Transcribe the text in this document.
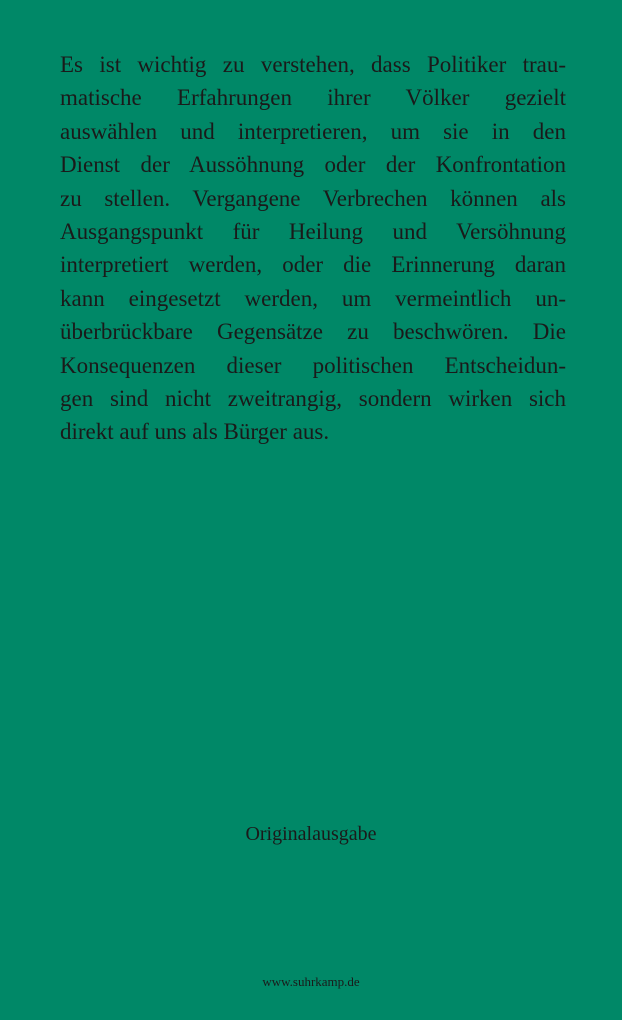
Es ist wichtig zu verstehen, dass Politiker trau-
matische Erfahrungen ihrer Völker gezielt
auswählen und interpretieren, um sie in den
Dienst der Aussöhnung oder der Konfrontation
zu stellen. Vergangene Verbrechen können als
Ausgangspunkt für Heilung und Versöhnung
interpretiert werden, oder die Erinnerung daran
kann eingesetzt werden, um vermeintlich un-
überbrückbare Gegensätze zu beschwören. Die
Konsequenzen dieser politischen Entscheidun-
gen sind nicht zweitrangig, sondern wirken sich
direkt auf uns als Bürger aus.

Originalausgabe
www.suhrkamp.de
